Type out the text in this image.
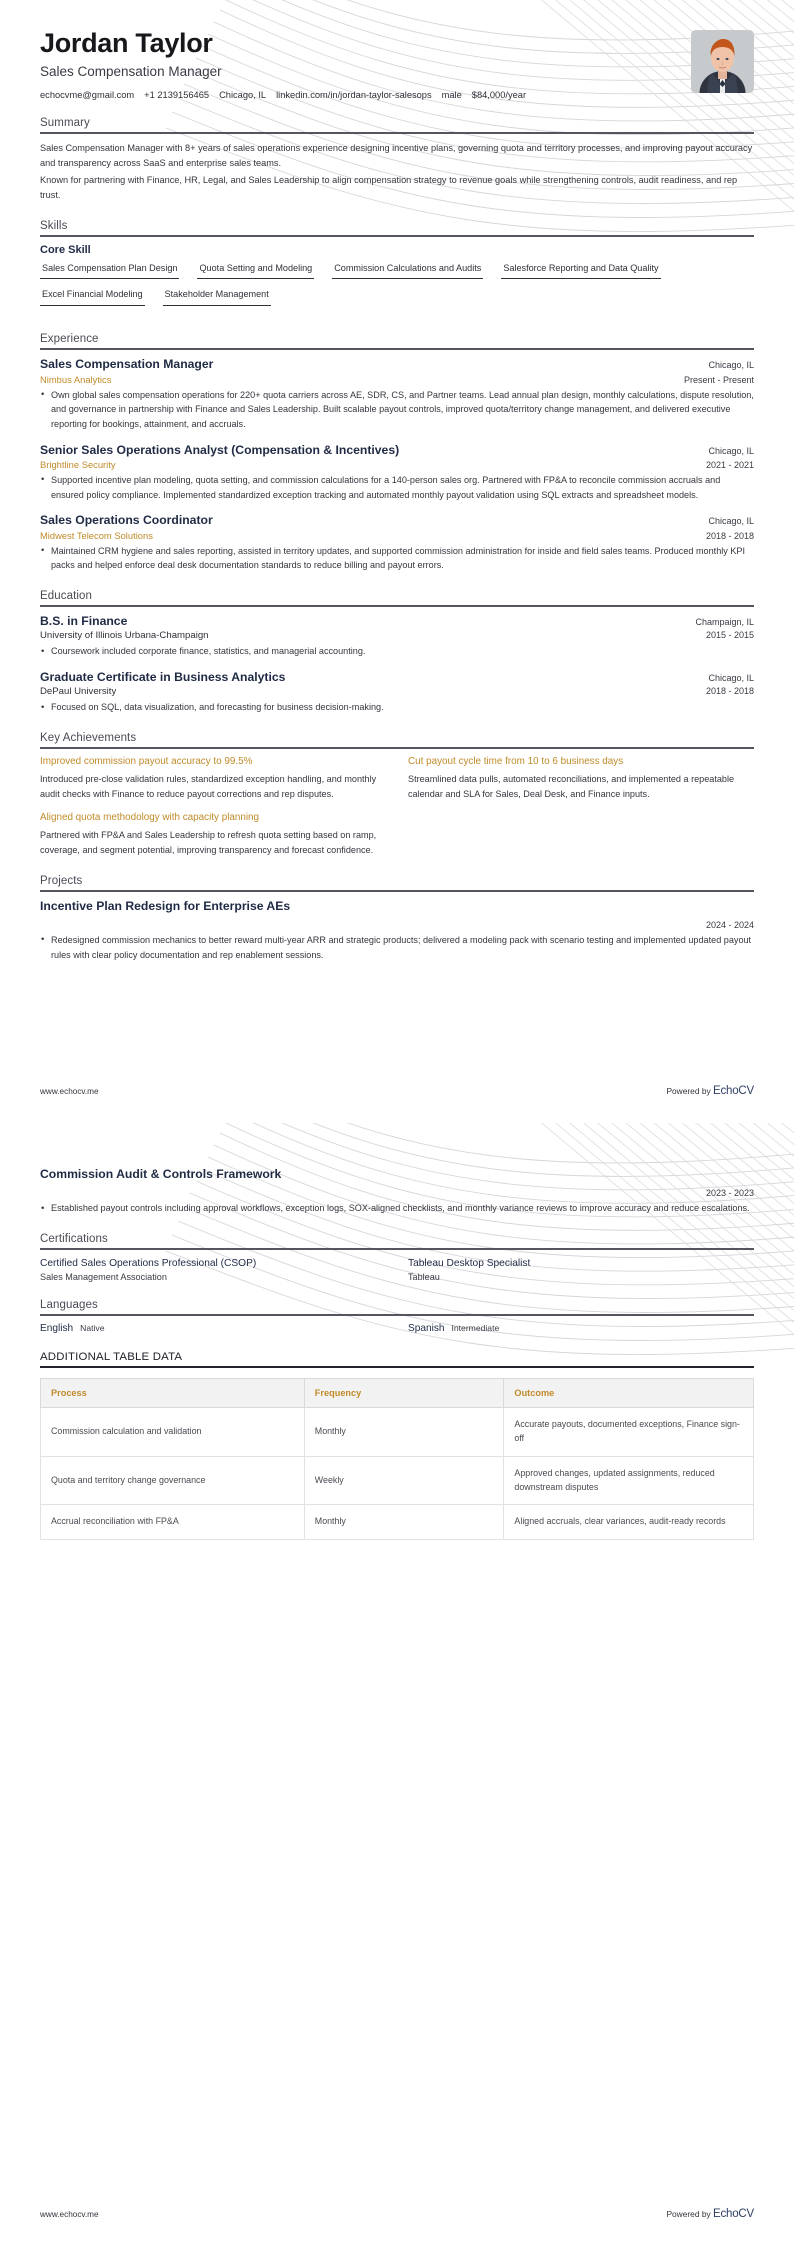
Jordan Taylor
Sales Compensation Manager
echocvme@gmail.com +1 2139156465 Chicago, IL linkedin.com/in/jordan-taylor-salesops male $84,000/year
Summary

Sales Compensation Manager with 8+ years of sales operations experience designing incentive plans, governing quota and territory processes, and improving payout accuracy and transparency across SaaS and enterprise sales teams.

Known for partnering with Finance, HR, Legal, and Sales Leadership to align compensation strategy to revenue goals while strengthening controls, audit readiness, and rep trust.

Skills
Core Skill
Sales Compensation Plan Design Quota Setting and Modeling Commission Calculations and Audits Salesforce Reporting and Data Quality
Excel Financial Modeling Stakeholder Management
Experience
Sales Compensation Manager	Chicago, IL
Nimbus Analytics	Present - Present
• Own global sales compensation operations for 220+ quota carriers across AE, SDR, CS, and Partner teams. Lead annual plan design, monthly calculations, dispute resolution, and governance in partnership with Finance and Sales Leadership. Built scalable payout controls, improved quota/territory change management, and delivered executive reporting for bookings, attainment, and accruals.
Senior Sales Operations Analyst (Compensation & Incentives)	Chicago, IL
Brightline Security	2021 - 2021
• Supported incentive plan modeling, quota setting, and commission calculations for a 140-person sales org. Partnered with FP&A to reconcile commission accruals and ensured policy compliance. Implemented standardized exception tracking and automated monthly payout validation using SQL extracts and spreadsheet models.
Sales Operations Coordinator	Chicago, IL
Midwest Telecom Solutions	2018 - 2018
• Maintained CRM hygiene and sales reporting, assisted in territory updates, and supported commission administration for inside and field sales teams. Produced monthly KPI packs and helped enforce deal desk documentation standards to reduce billing and payout errors.
Education
B.S. in Finance	Champaign, IL
University of Illinois Urbana-Champaign	2015 - 2015
• Coursework included corporate finance, statistics, and managerial accounting.
Graduate Certificate in Business Analytics	Chicago, IL
DePaul University	2018 - 2018
• Focused on SQL, data visualization, and forecasting for business decision-making.
Key Achievements
Improved commission payout accuracy to 99.5%
Introduced pre-close validation rules, standardized exception handling, and monthly audit checks with Finance to reduce payout corrections and rep disputes.
Cut payout cycle time from 10 to 6 business days
Streamlined data pulls, automated reconciliations, and implemented a repeatable calendar and SLA for Sales, Deal Desk, and Finance inputs.
Aligned quota methodology with capacity planning
Partnered with FP&A and Sales Leadership to refresh quota setting based on ramp, coverage, and segment potential, improving transparency and forecast confidence.
Projects
Incentive Plan Redesign for Enterprise AEs
2024 - 2024
• Redesigned commission mechanics to better reward multi-year ARR and strategic products; delivered a modeling pack with scenario testing and implemented updated payout rules with clear policy documentation and rep enablement sessions.
www.echocv.me	Powered by EchoCV
Commission Audit & Controls Framework
2023 - 2023
• Established payout controls including approval workflows, exception logs, SOX-aligned checklists, and monthly variance reviews to improve accuracy and reduce escalations.
Certifications
Certified Sales Operations Professional (CSOP)
Sales Management Association
Tableau Desktop Specialist
Tableau
Languages
English Native	Spanish Intermediate
ADDITIONAL TABLE DATA
Process	Frequency	Outcome
Commission calculation and validation	Monthly	Accurate payouts, documented exceptions, Finance sign-off
Quota and territory change governance	Weekly	Approved changes, updated assignments, reduced downstream disputes
Accrual reconciliation with FP&A	Monthly	Aligned accruals, clear variances, audit-ready records
www.echocv.me	Powered by EchoCV
